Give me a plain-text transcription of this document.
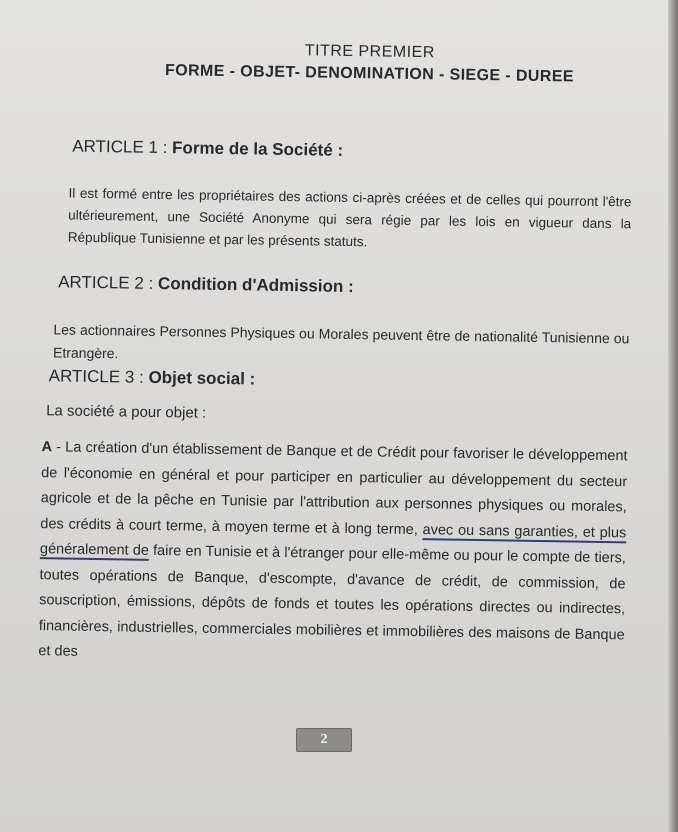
TITRE PREMIER

FORME - OBJET- DENOMINATION - SIEGE - DUREE

ARTICLE 1 : Forme de la Société :

Il est formé entre les propriétaires des actions ci-après créées et de celles qui pourront l'être ultérieurement, une Société Anonyme qui sera régie par les lois en vigueur dans la République Tunisienne et par les présents statuts.

ARTICLE 2 : Condition d'Admission :

Les actionnaires Personnes Physiques ou Morales peuvent être de nationalité Tunisienne ou Etrangère.

ARTICLE 3 : Objet social :

La société a pour objet :

A - La création d'un établissement de Banque et de Crédit pour favoriser le développement de l'économie en général et pour participer en particulier au développement du secteur agricole et de la pêche en Tunisie par l'attribution aux personnes physiques ou morales, des crédits à court terme, à moyen terme et à long terme, avec ou sans garanties, et plus généralement de faire en Tunisie et à l'étranger pour elle-même ou pour le compte de tiers, toutes opérations de Banque, d'escompte, d'avance de crédit, de commission, de souscription, émissions, dépôts de fonds et toutes les opérations directes ou indirectes, financières, industrielles, commerciales mobilières et immobilières des maisons de Banque et des

2
